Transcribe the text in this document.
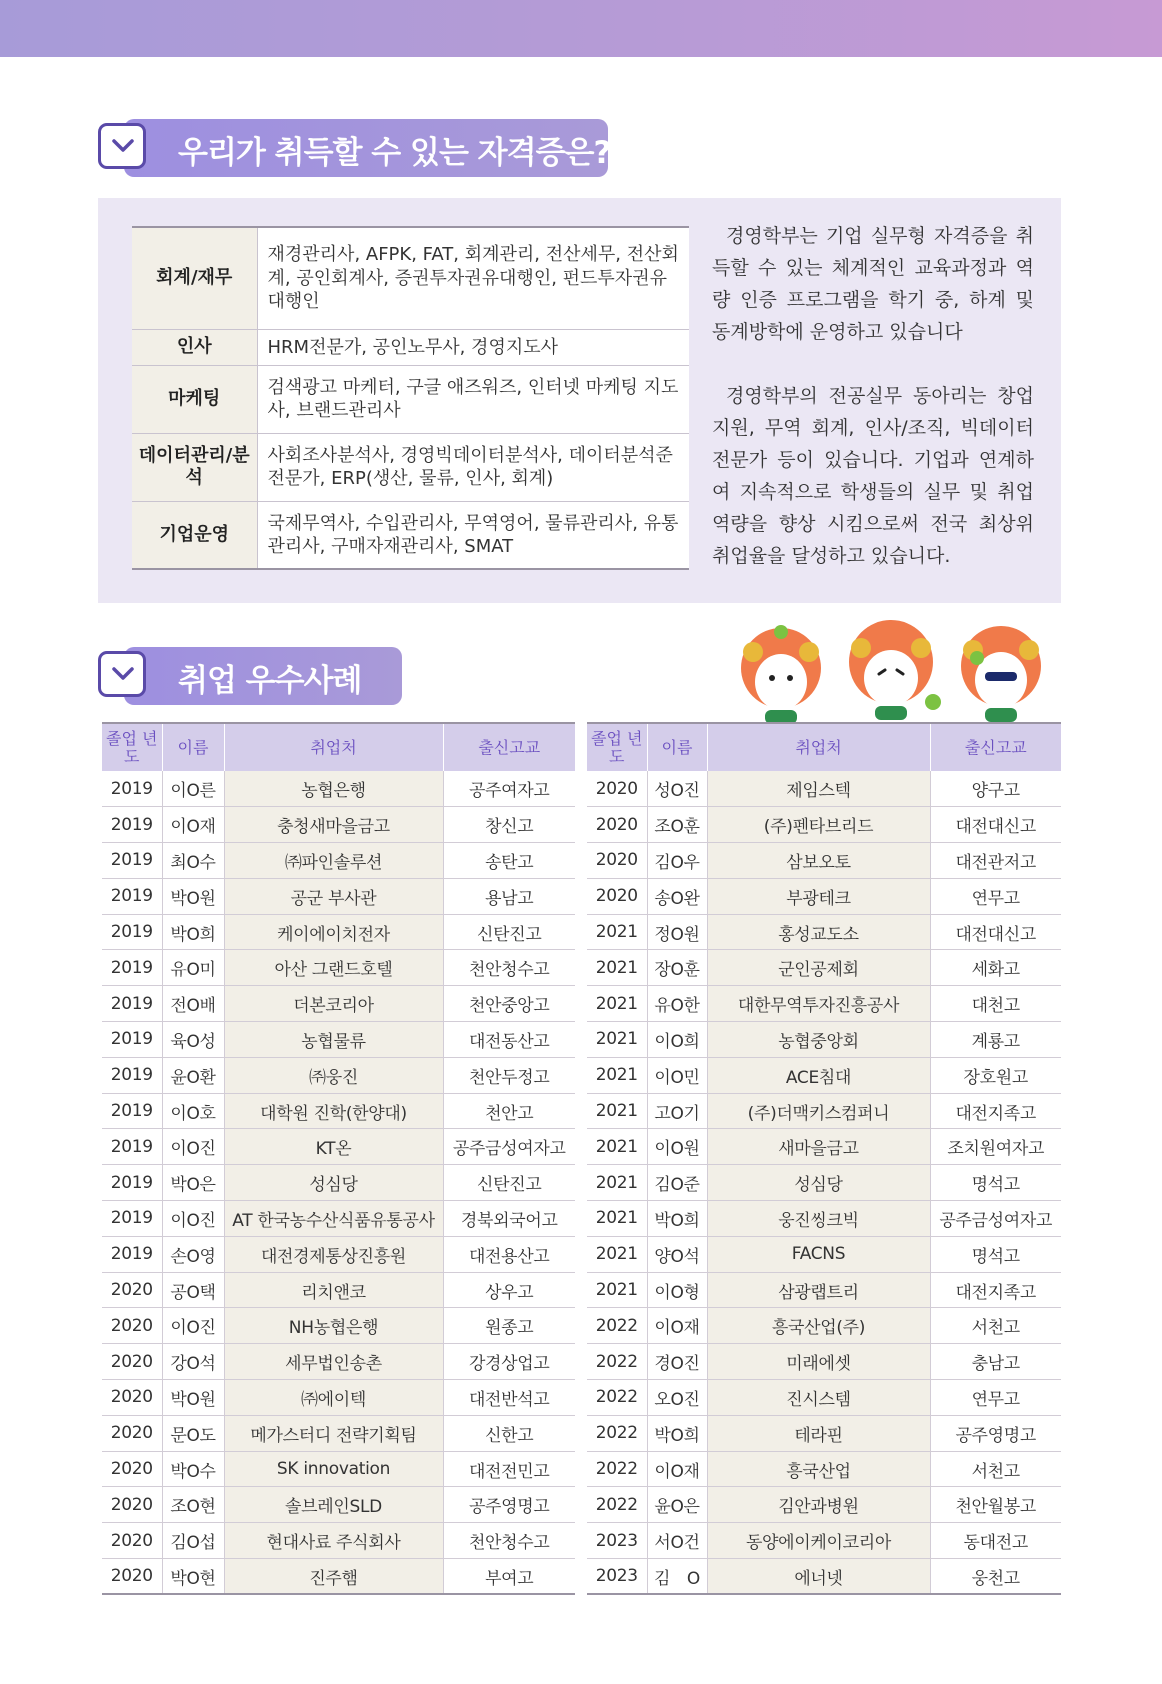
우리가 취득할 수 있는 자격증은?
회계/재무	재경관리사, AFPK, FAT, 회계관리, 전산세무, 전산회계, 공인회계사, 증권투자권유대행인, 펀드투자권유대행인
인사	HRM전문가, 공인노무사, 경영지도사
마케팅	검색광고 마케터, 구글 애즈워즈, 인터넷 마케팅 지도사, 브랜드관리사
데이터관리/분석	사회조사분석사, 경영빅데이터분석사, 데이터분석준전문가, ERP(생산, 물류, 인사, 회계)
기업운영	국제무역사, 수입관리사, 무역영어, 물류관리사, 유통관리사, 구매자재관리사, SMAT

경영학부는 기업 실무형 자격증을 취득할 수 있는 체계적인 교육과정과 역량 인증 프로그램을 학기 중, 하계 및 동계방학에 운영하고 있습니다

경영학부의 전공실무 동아리는 창업지원, 무역 회계, 인사/조직, 빅데이터 전문가 등이 있습니다. 기업과 연계하여 지속적으로 학생들의 실무 및 취업 역량을 향상 시킴으로써 전국 최상위 취업율을 달성하고 있습니다.

취업 우수사례
졸업 년도	이름	취업처	출신고교
2019	이O른	농협은행	공주여자고
2019	이O재	충청새마을금고	창신고
2019	최O수	㈜파인솔루션	송탄고
2019	박O원	공군 부사관	용남고
2019	박O희	케이에이치전자	신탄진고
2019	유O미	아산 그랜드호텔	천안청수고
2019	전O배	더본코리아	천안중앙고
2019	육O성	농협물류	대전동산고
2019	윤O환	㈜웅진	천안두정고
2019	이O호	대학원 진학(한양대)	천안고
2019	이O진	KT온	공주금성여자고
2019	박O은	성심당	신탄진고
2019	이O진	AT 한국농수산식품유통공사	경북외국어고
2019	손O영	대전경제통상진흥원	대전용산고
2020	공O택	리치앤코	상우고
2020	이O진	NH농협은행	원종고
2020	강O석	세무법인송촌	강경상업고
2020	박O원	㈜에이텍	대전반석고
2020	문O도	메가스터디 전략기획팀	신한고
2020	박O수	SK innovation	대전전민고
2020	조O현	솔브레인SLD	공주영명고
2020	김O섭	현대사료 주식회사	천안청수고
2020	박O현	진주햄	부여고
졸업 년도	이름	취업처	출신고교
2020	성O진	제임스텍	양구고
2020	조O훈	(주)펜타브리드	대전대신고
2020	김O우	삼보오토	대전관저고
2020	송O완	부광테크	연무고
2021	정O원	홍성교도소	대전대신고
2021	장O훈	군인공제회	세화고
2021	유O한	대한무역투자진흥공사	대천고
2021	이O희	농협중앙회	계룡고
2021	이O민	ACE침대	장호원고
2021	고O기	(주)더맥키스컴퍼니	대전지족고
2021	이O원	새마을금고	조치원여자고
2021	김O준	성심당	명석고
2021	박O희	웅진씽크빅	공주금성여자고
2021	양O석	FACNS	명석고
2021	이O형	삼광랩트리	대전지족고
2022	이O재	흥국산업(주)	서천고
2022	경O진	미래에셋	충남고
2022	오O진	진시스템	연무고
2022	박O희	테라핀	공주영명고
2022	이O재	흥국산업	서천고
2022	윤O은	김안과병원	천안월봉고
2023	서O건	동양에이케이코리아	동대전고
2023	김　O	에너넷	웅천고
